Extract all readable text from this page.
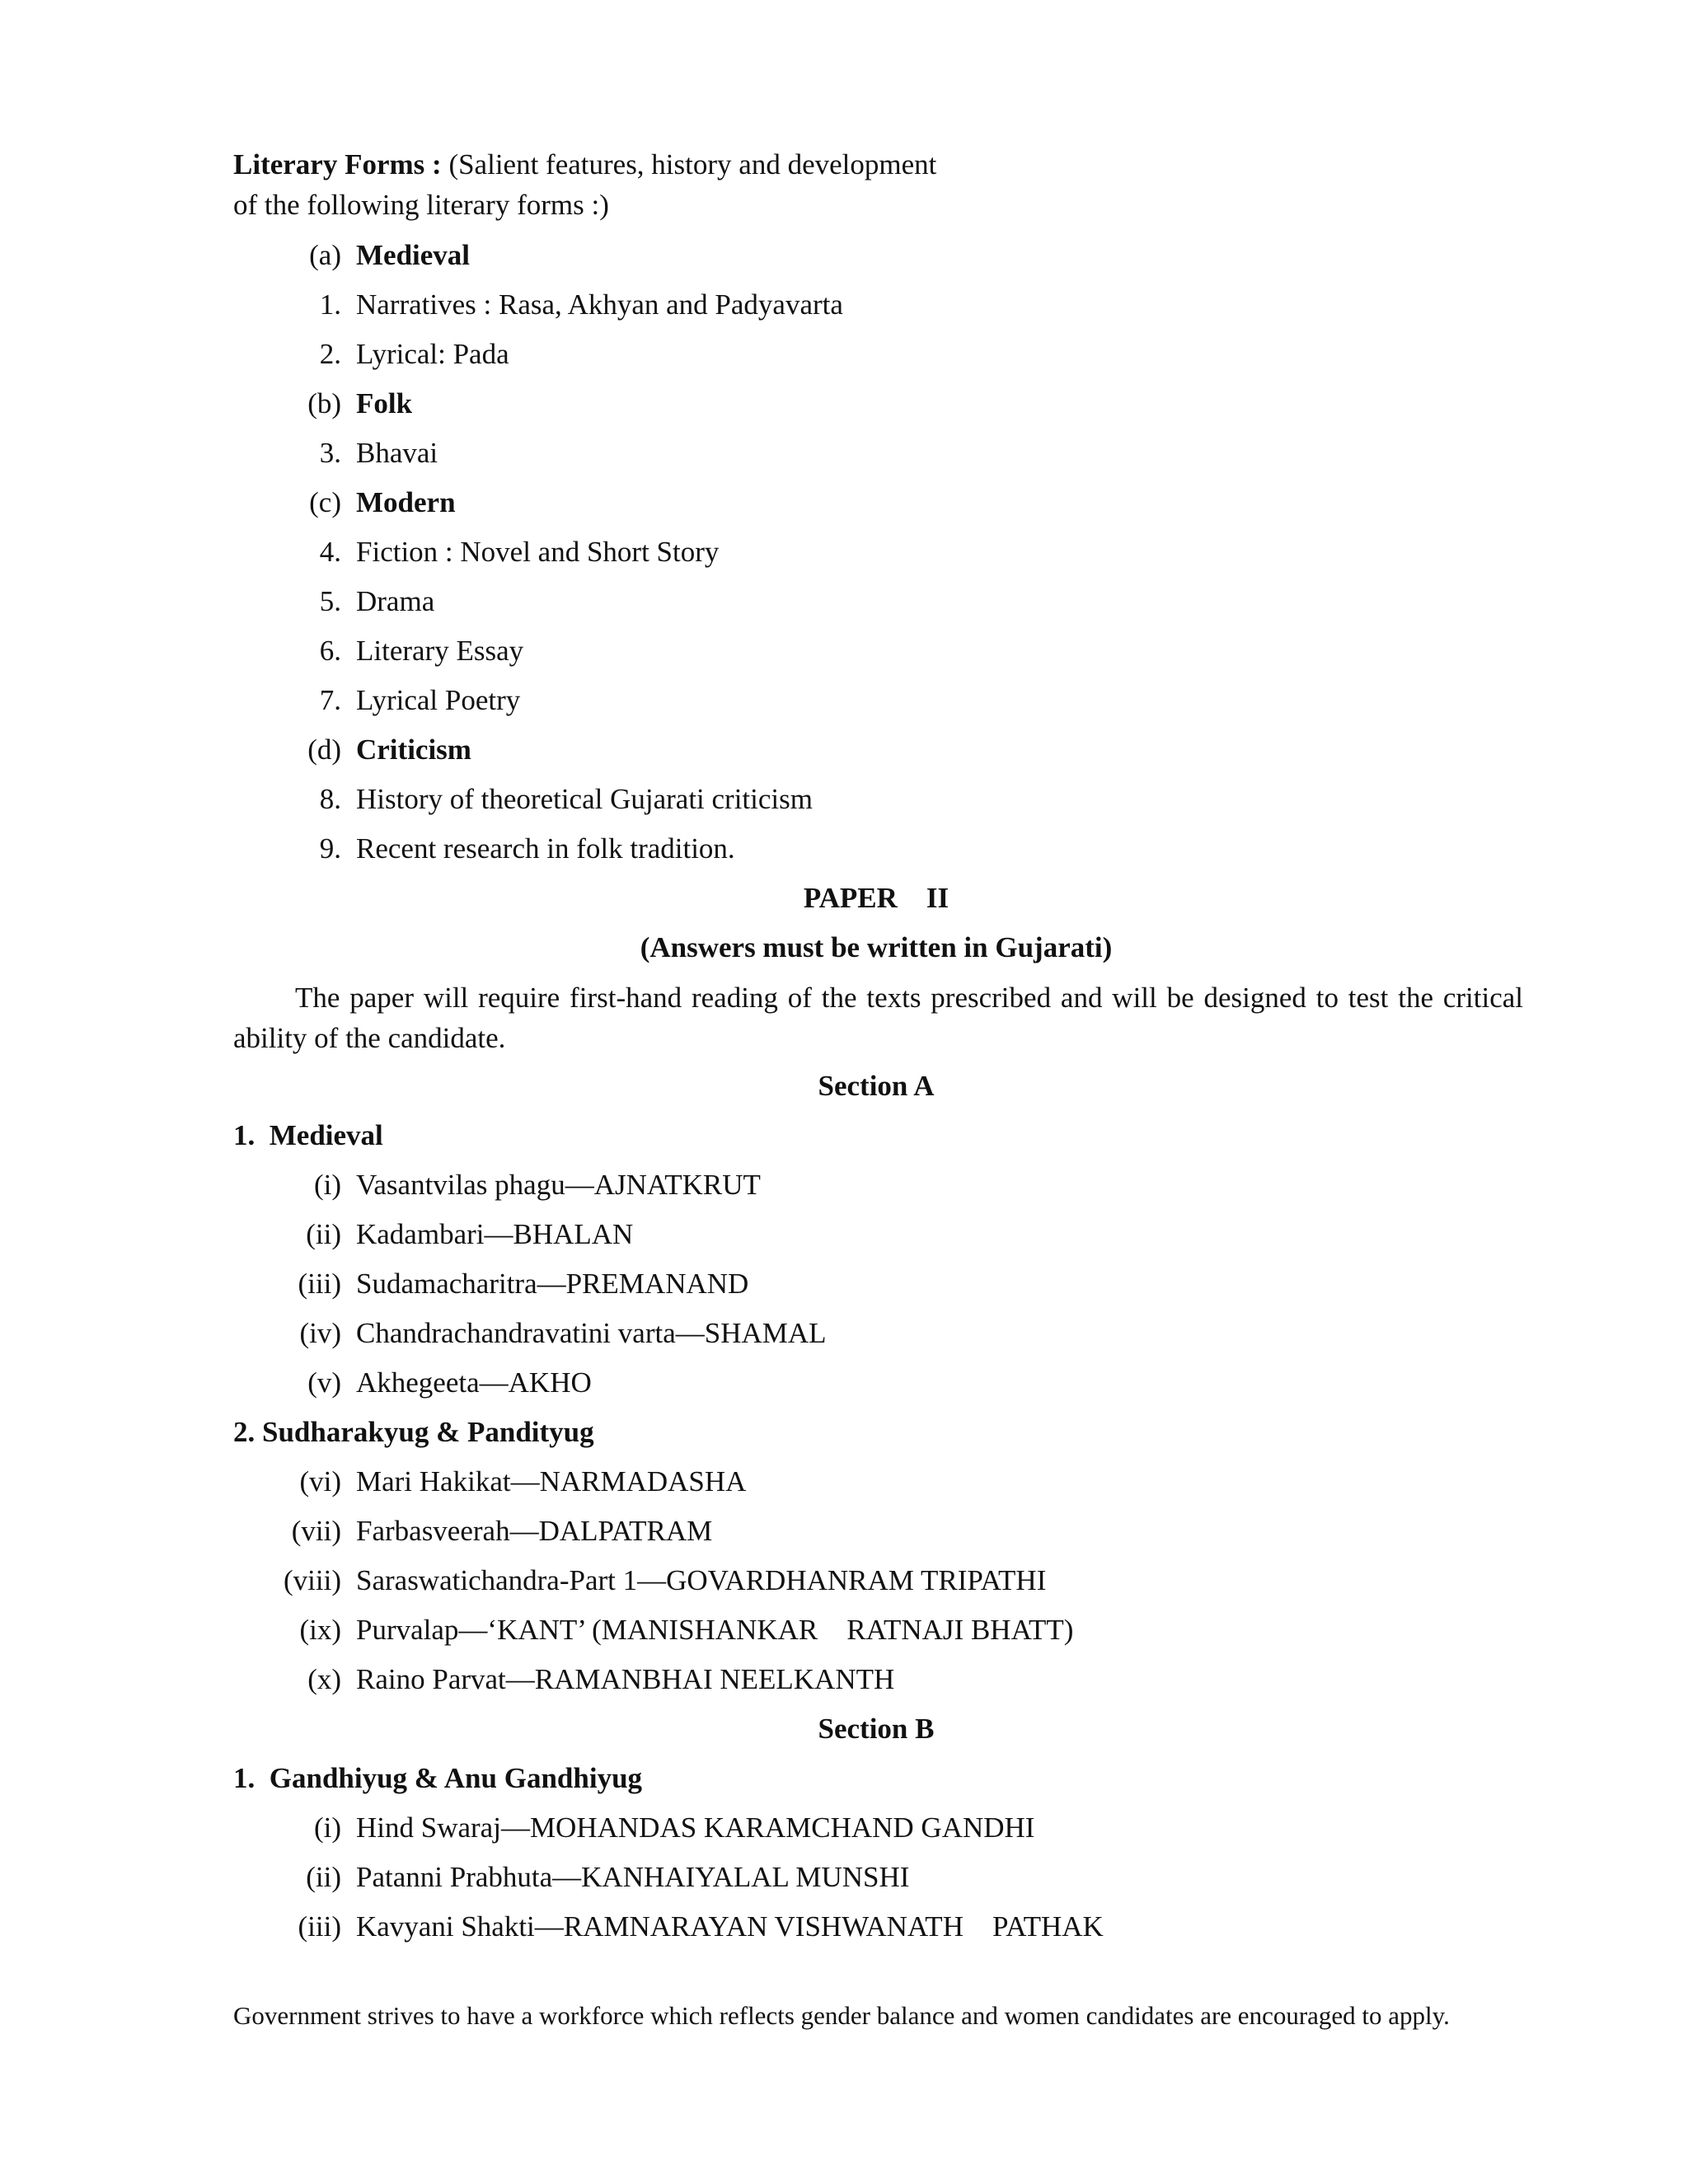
Literary Forms : (Salient features, history and development
of the following literary forms :)
(a) Medieval
1. Narratives : Rasa, Akhyan and Padyavarta
2. Lyrical: Pada
(b) Folk
3. Bhavai
(c) Modern
4. Fiction : Novel and Short Story
5. Drama
6. Literary Essay
7. Lyrical Poetry
(d) Criticism
8. History of theoretical Gujarati criticism
9. Recent research in folk tradition.
PAPER    II
(Answers must be written in Gujarati)
The paper will require first-hand reading of the texts prescribed and will be designed to test the critical ability of the candidate.
Section A
1. Medieval
(i) Vasantvilas phagu—AJNATKRUT
(ii) Kadambari—BHALAN
(iii) Sudamacharitra—PREMANAND
(iv) Chandrachandravatini varta—SHAMAL
(v) Akhegeeta—AKHO
2. Sudharakyug & Pandityug
(vi) Mari Hakikat—NARMADASHA
(vii) Farbasveerah—DALPATRAM
(viii) Saraswatichandra-Part 1—GOVARDHANRAM TRIPATHI
(ix) Purvalap—‘KANT’ (MANISHANKAR    RATNAJI BHATT)
(x) Raino Parvat—RAMANBHAI NEELKANTH
Section B
1. Gandhiyug & Anu Gandhiyug
(i) Hind Swaraj—MOHANDAS KARAMCHAND GANDHI
(ii) Patanni Prabhuta—KANHAIYALAL MUNSHI
(iii) Kavyani Shakti—RAMNARAYAN VISHWANATH    PATHAK
Government strives to have a workforce which reflects gender balance and women candidates are encouraged to apply.
